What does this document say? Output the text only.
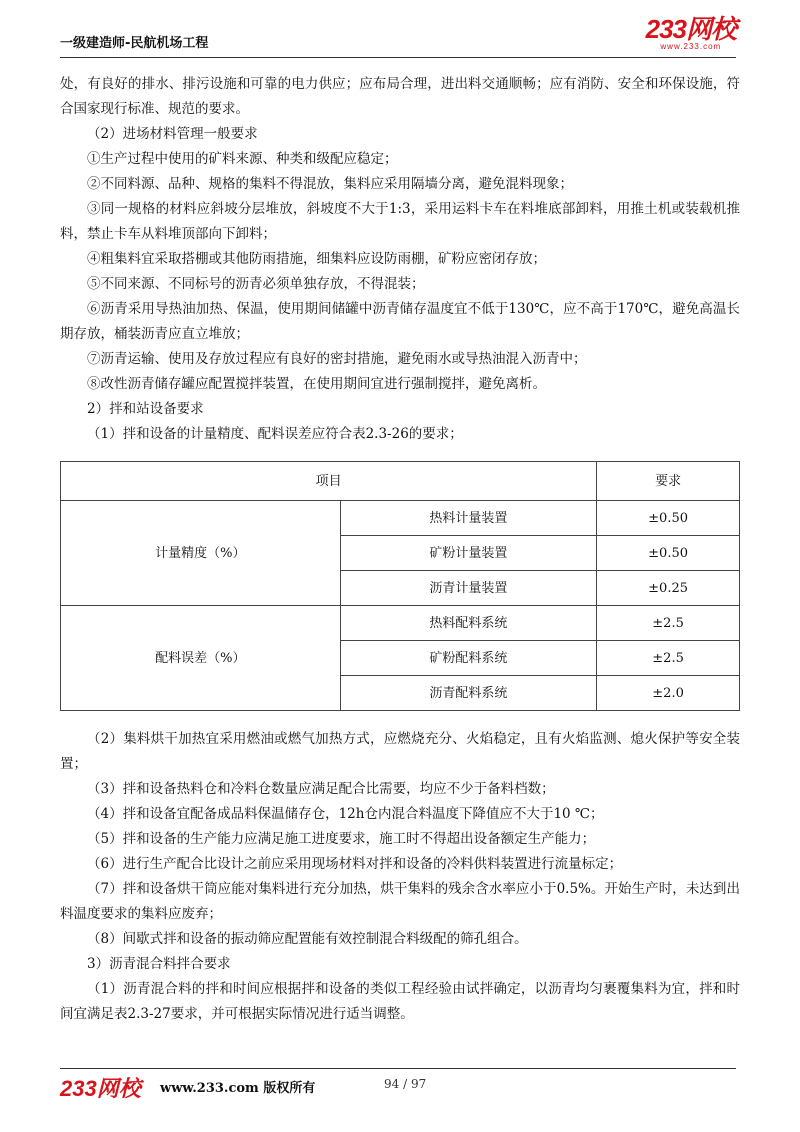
一级建造师-民航机场工程	233网校
www.233.com

处，有良好的排水、排污设施和可靠的电力供应；应布局合理，进出料交通顺畅；应有消防、安全和环保设施，符合国家现行标准、规范的要求。

（2）进场材料管理一般要求

①生产过程中使用的矿料来源、种类和级配应稳定；

②不同料源、品种、规格的集料不得混放，集料应采用隔墙分离，避免混料现象；

③同一规格的材料应斜坡分层堆放，斜坡度不大于1:3，采用运料卡车在料堆底部卸料，用推土机或装载机推料，禁止卡车从料堆顶部向下卸料；

④粗集料宜采取搭棚或其他防雨措施，细集料应设防雨棚，矿粉应密闭存放；

⑤不同来源、不同标号的沥青必须单独存放，不得混装；

⑥沥青采用导热油加热、保温，使用期间储罐中沥青储存温度宜不低于130℃，应不高于170℃，避免高温长期存放，桶装沥青应直立堆放；

⑦沥青运输、使用及存放过程应有良好的密封措施，避免雨水或导热油混入沥青中；

⑧改性沥青储存罐应配置搅拌装置，在使用期间宜进行强制搅拌，避免离析。

2）拌和站设备要求

（1）拌和设备的计量精度、配料误差应符合表2.3-26的要求；

项目		要求
计量精度（%）	热料计量装置	±0.50
	矿粉计量装置	±0.50
	沥青计量装置	±0.25
配料误差（%）	热料配料系统	±2.5
	矿粉配料系统	±2.5
	沥青配料系统	±2.0

（2）集料烘干加热宜采用燃油或燃气加热方式，应燃烧充分、火焰稳定，且有火焰监测、熄火保护等安全装置；

（3）拌和设备热料仓和冷料仓数量应满足配合比需要，均应不少于备料档数；

（4）拌和设备宜配备成品料保温储存仓，12h仓内混合料温度下降值应不大于10 ℃；

（5）拌和设备的生产能力应满足施工进度要求，施工时不得超出设备额定生产能力；

（6）进行生产配合比设计之前应采用现场材料对拌和设备的冷料供料装置进行流量标定；

（7）拌和设备烘干筒应能对集料进行充分加热，烘干集料的残余含水率应小于0.5%。开始生产时，未达到出料温度要求的集料应废弃；

（8）间歇式拌和设备的振动筛应配置能有效控制混合料级配的筛孔组合。

3）沥青混合料拌合要求

（1）沥青混合料的拌和时间应根据拌和设备的类似工程经验由试拌确定，以沥青均匀裹覆集料为宜，拌和时间宜满足表2.3-27要求，并可根据实际情况进行适当调整。

233网校 www.233.com 版权所有	94 / 97
